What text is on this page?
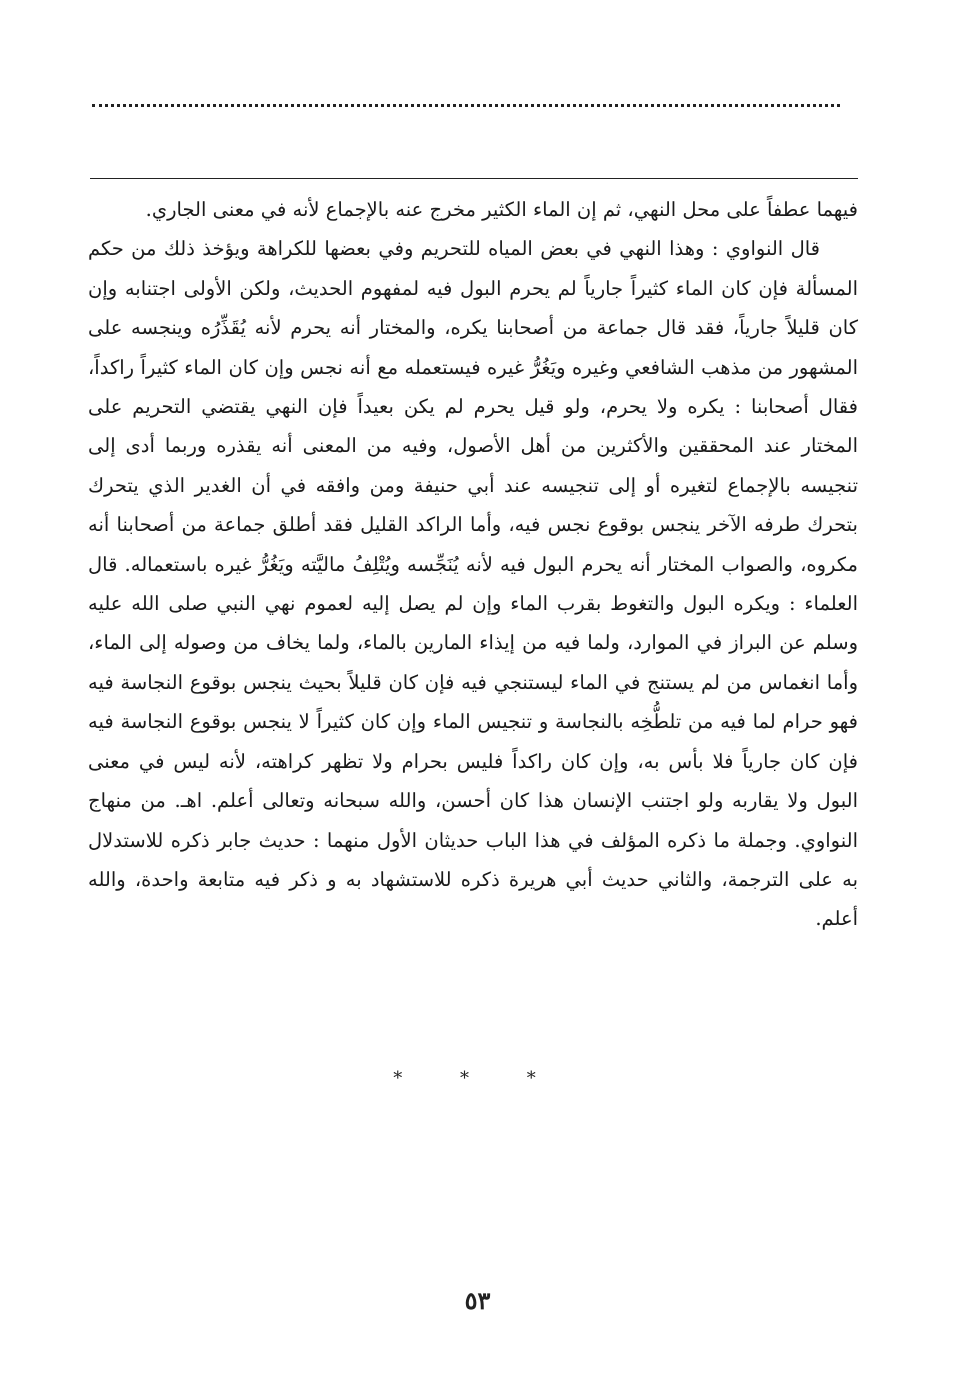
فيهما عطفاً على محل النهي، ثم إن الماء الكثير مخرج عنه بالإجماع لأنه في معنى الجاري.

قال النواوي : وهذا النهي في بعض المياه للتحريم وفي بعضها للكراهة ويؤخذ ذلك من حكم المسألة فإن كان الماء كثيراً جارياً لم يحرم البول فيه لمفهوم الحديث، ولكن الأولى اجتنابه وإن كان قليلاً جارياً، فقد قال جماعة من أصحابنا يكره، والمختار أنه يحرم لأنه يُقَذِّرُه وينجسه على المشهور من مذهب الشافعي وغيره ويَغُرُّ غيره فيستعمله مع أنه نجس وإن كان الماء كثيراً راكداً، فقال أصحابنا : يكره ولا يحرم، ولو قيل يحرم لم يكن بعيداً فإن النهي يقتضي التحريم على المختار عند المحققين والأكثرين من أهل الأصول، وفيه من المعنى أنه يقذره وربما أدى إلى تنجيسه بالإجماع لتغيره أو إلى تنجيسه عند أبي حنيفة ومن وافقه في أن الغدير الذي يتحرك بتحرك طرفه الآخر ينجس بوقوع نجس فيه، وأما الراكد القليل فقد أطلق جماعة من أصحابنا أنه مكروه، والصواب المختار أنه يحرم البول فيه لأنه يُنَجِّسه ويُتْلِفُ ماليَّته ويَغُرُّ غيره باستعماله. قال العلماء : ويكره البول والتغوط بقرب الماء وإن لم يصل إليه لعموم نهي النبي صلى الله عليه وسلم عن البراز في الموارد، ولما فيه من إيذاء المارين بالماء، ولما يخاف من وصوله إلى الماء، وأما انغماس من لم يستنج في الماء ليستنجي فيه فإن كان قليلاً بحيث ينجس بوقوع النجاسة فيه فهو حرام لما فيه من تلطُّخِه بالنجاسة و تنجيس الماء وإن كان كثيراً لا ينجس بوقوع النجاسة فيه فإن كان جارياً فلا بأس به، وإن كان راكداً فليس بحرام ولا تظهر كراهته، لأنه ليس في معنى البول ولا يقاربه ولو اجتنب الإنسان هذا كان أحسن، والله سبحانه وتعالى أعلم. اهـ. من منهاج النواوي. وجملة ما ذكره المؤلف في هذا الباب حديثان الأول منهما : حديث جابر ذكره للاستدلال به على الترجمة، والثاني حديث أبي هريرة ذكره للاستشهاد به و ذكر فيه متابعة واحدة، والله أعلم.

* * *
٥٣
